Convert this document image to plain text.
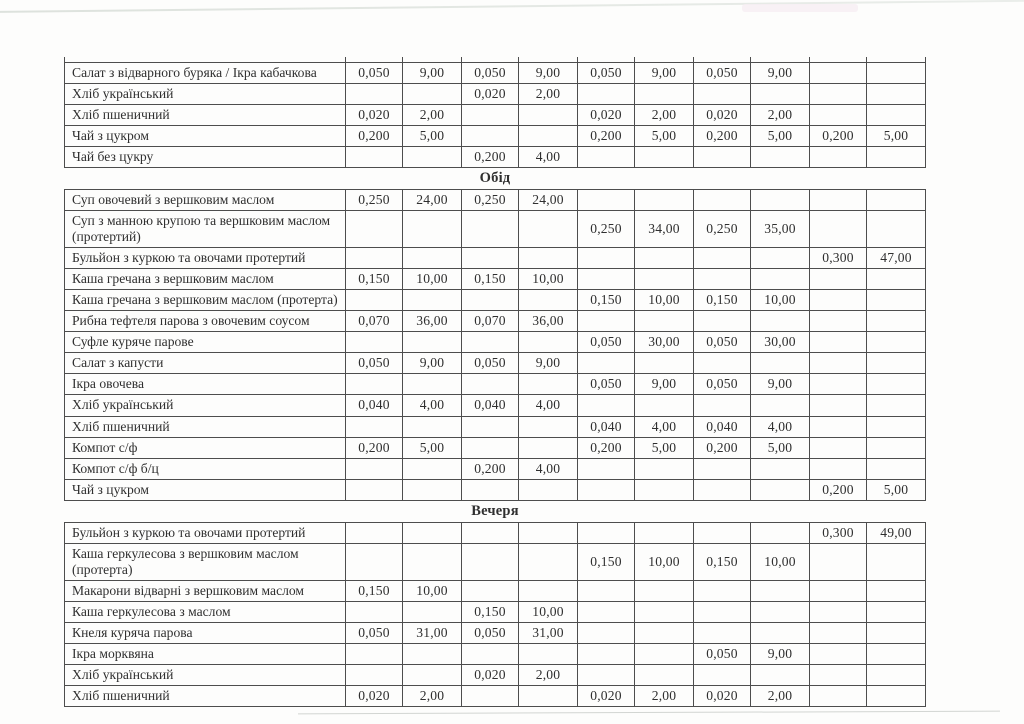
Салат з відварного буряка / Ікра кабачкова	0,050	9,00	0,050	9,00	0,050	9,00	0,050	9,00		
Хліб український			0,020	2,00						
Хліб пшеничний	0,020	2,00			0,020	2,00	0,020	2,00		
Чай з цукром	0,200	5,00			0,200	5,00	0,200	5,00	0,200	5,00
Чай без цукру			0,200	4,00						
Обід										
Суп овочевий з вершковим маслом	0,250	24,00	0,250	24,00						
Суп з манною крупою та вершковим маслом (протертий)					0,250	34,00	0,250	35,00		
Бульйон з куркою та овочами протертий									0,300	47,00
Каша гречана з вершковим маслом	0,150	10,00	0,150	10,00						
Каша гречана з вершковим маслом (протерта)					0,150	10,00	0,150	10,00		
Рибна тефтеля парова з овочевим соусом	0,070	36,00	0,070	36,00						
Суфле куряче парове					0,050	30,00	0,050	30,00		
Салат з капусти	0,050	9,00	0,050	9,00						
Ікра овочева					0,050	9,00	0,050	9,00		
Хліб український	0,040	4,00	0,040	4,00						
Хліб пшеничний					0,040	4,00	0,040	4,00		
Компот с/ф	0,200	5,00			0,200	5,00	0,200	5,00		
Компот с/ф б/ц			0,200	4,00						
Чай з цукром									0,200	5,00
Вечеря										
Бульйон з куркою та овочами протертий									0,300	49,00
Каша геркулесова з вершковим маслом (протерта)					0,150	10,00	0,150	10,00		
Макарони відварні з вершковим маслом	0,150	10,00								
Каша геркулесова з маслом			0,150	10,00						
Кнеля куряча парова	0,050	31,00	0,050	31,00						
Ікра морквяна							0,050	9,00		
Хліб український			0,020	2,00						
Хліб пшеничний	0,020	2,00			0,020	2,00	0,020	2,00		
